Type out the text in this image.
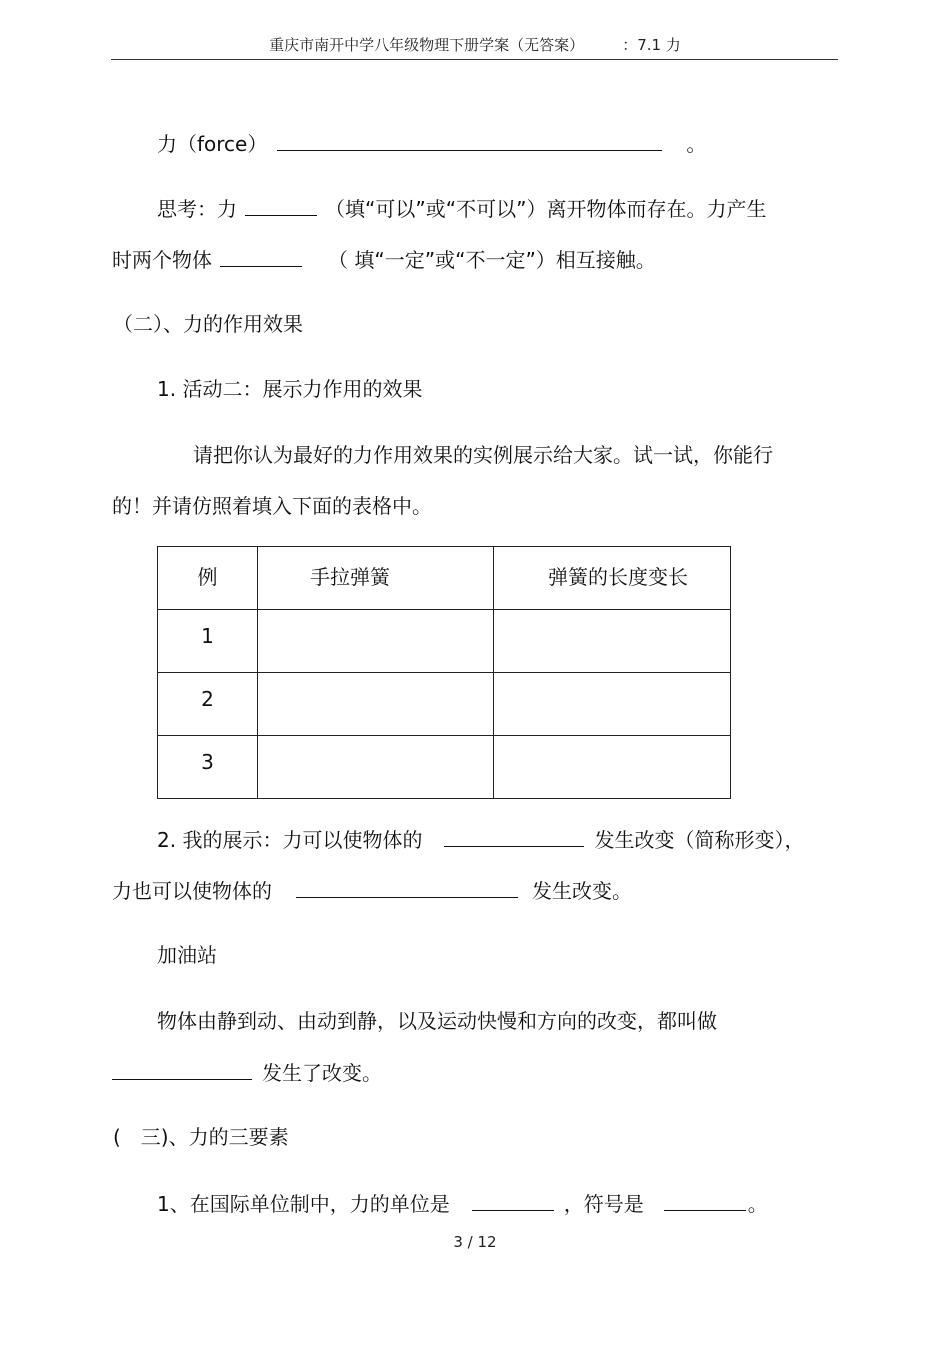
重庆市南开中学八年级物理下册学案（无答案）	：7.1 力
力（force）	。
思考：力	（填“可以”或“不可以”）离开物体而存在。力产生
时两个物体	（ 填“一定”或“不一定”）相互接触。
（二）、力的作用效果
1. 活动二：展示力作用的效果
请把你认为最好的力作用效果的实例展示给大家。试一试，你能行
的！并请仿照着填入下面的表格中。
例	手拉弹簧	弹簧的长度变长
1		
2		
3		
2. 我的展示：力可以使物体的	发生改变（简称形变），
力也可以使物体的	发生改变。
加油站
物体由静到动、由动到静，以及运动快慢和方向的改变，都叫做
发生了改变。
(　三)、力的三要素
1、在国际单位制中，力的单位是	，符号是	。
3 / 12
